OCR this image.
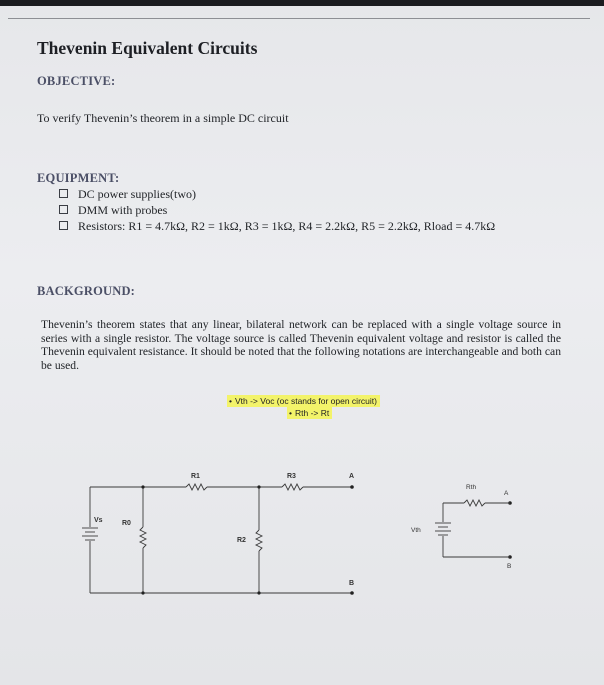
Thevenin Equivalent Circuits
OBJECTIVE:
To verify Thevenin’s theorem in a simple DC circuit
EQUIPMENT:
DC power supplies(two)
DMM with probes
Resistors: R1 = 4.7kΩ, R2 = 1kΩ, R3 = 1kΩ, R4 = 2.2kΩ, R5 = 2.2kΩ, Rload = 4.7kΩ
BACKGROUND:

Thevenin’s theorem states that any linear, bilateral network can be replaced with a single voltage source in series with a single resistor. The voltage source is called Thevenin equivalent voltage and resistor is called the Thevenin equivalent resistance. It should be noted that the following notations are interchangeable and both can be used.

• Vth -> Voc (oc stands for open circuit)
• Rth -> Rt
R1	R3	A
Vs	R0
R2
B
Rth
A
Vth
B
